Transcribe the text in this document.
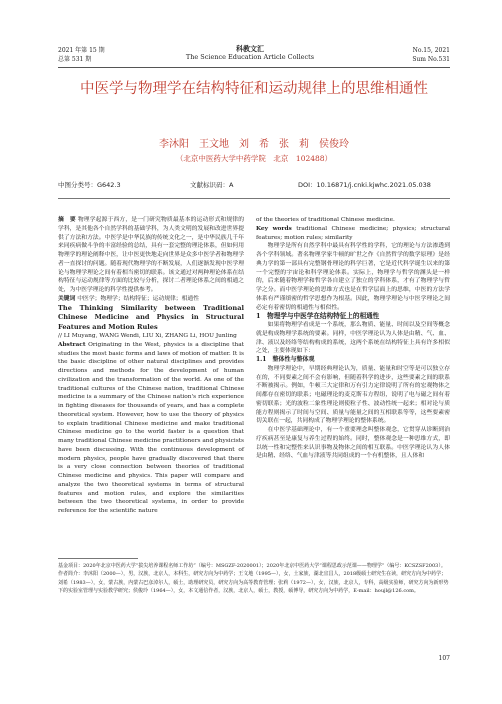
2021 年第 15 期
总第 531 期
科教文汇
The Science Education Article Collects
No.15, 2021
Sum No.531
中医学与物理学在结构特征和运动规律上的思维相通性
李沐阳　王文地　刘　希　张　莉　侯俊玲
（北京中医药大学中药学院　北京　102488）
中图分类号：G642.3	文献标识码：A	DOI：10.16871/j.cnki.kjwhc.2021.05.038

摘　要 物理学起源于西方，是一门研究物质最基本的运动形式和规律的学科，是其他各个自然学科的基础学科，为人类文明的发展和改进世界提供了方法和方法。中医学是中华民族的传统文化之一，是中华民族几千年来同疾病做斗争的丰富经验的总结，具有一套完整的理论体系，但如何用物理学的理论阐释中医，让中医更快地走向世界是众多中医学者和物理学者一直探讨的问题。随着现代物理学的不断发展，人们逐渐发现中医学理论与物理学理论之间有着相当密切的联系。该文通过对两种理论体系在结构特征与运动规律等方面的比较与分析，探讨二者理论体系之间的相通之处，为中医学理论的科学性提供参考。

关键词 中医学；物理学；结构特征；运动规律；相通性

The Thinking Similarity between Traditional Chinese Medicine and Physics in Structural Features and Motion Rules

// LI Muyang, WANG Wendi, LIU Xi, ZHANG Li, HOU Junling

Abstract Originating in the West, physics is a discipline that studies the most basic forms and laws of motion of matter. It is the basic discipline of other natural disciplines and provides directions and methods for the development of human civilization and the transformation of the world. As one of the traditional cultures of the Chinese nation, traditional Chinese medicine is a summary of the Chinese nation's rich experience in fighting diseases for thousands of years, and has a complete theoretical system. However, how to use the theory of physics to explain traditional Chinese medicine and make traditional Chinese medicine go to the world faster is a question that many traditional Chinese medicine practitioners and physicists have been discussing. With the continuous development of modern physics, people have gradually discovered that there is a very close connection between theories of traditional Chinese medicine and physics. This paper will compare and analyze the two theoretical systems in terms of structural features and motion rules, and explore the similarities between the two theoretical systems, in order to provide reference for the scientific nature

of the theories of traditional Chinese medicine.

Key words traditional Chinese medicine; physics; structural features; motion rules; similarity

物理学是所有自然学科中最具有科学性的学科，它的理论与方法渗透到各个学科领域。著名物理学家牛顿的旷世之作《自然哲学的数学原理》是经典力学的第一部具有完整钢骨理论的科学巨著，它是近代科学诞生以来的第一个完整的宇宙论和科学理论体系。实际上，物理学与哲学的渊头是一样的，后来随着物理学和哲学各自建立了独立的学科体系，才有了物理学与哲学之分。而中医学理论的思维方式也是在哲学层面上的思维，中医的方法学体系有严谨缜密的哲学思想作为根基。因此，物理学理论与中医学理论之间必定有着密切的相通性与相似性。

1　物理学与中医学在结构特征上的相通性

如果将物理学看成是一个系统，那么物质、能量、时间以及空间等概念就是构成物理学系统的要素。同样，中医学理论认为人体是由精、气、血、津、液以及经络等结构构成的系统，这两个系统在结构特征上具有许多相似之处，主要体现如下：

1.1　整体性与整体观

物理学理论中，早期经典理论认为，质量、能量和时空等是可以独立存在的，不同要素之间不会有影响，但随着科学的进步，这些要素之间的联系不断被揭示。例如，牛顿三大定律和万有引力定律说明了所有的宏观物体之间都存在密切的联系；电磁理论的麦克斯韦方程组，说明了电与磁之间有着密切联系；光的波粒二象性理论则使粒子性、波动性统一起来；相对论与质能方程则揭示了时间与空间、质量与能量之间的互相联系等等，这些要素密切关联在一起，共同构成了物理学理论的整体系统。

在中医学基础理论中，有一个重要理念叫整体观念，它贯穿从诊断到治疗疾病甚至是康复与养生过程的始终。同时，整体观念是一种思维方式，即以统一性和完整性来认识事物及物体之间的相互联系。中医学理论认为人体是由精、经络、气血与津液等共同组成的一个有机整体，且人体和

基金项目：2020年北京中医药大学“拔尖培养课程名师工作坊”（编号：MSGZF-2020001）；2020年北京中医药大学“课程思政示范课——物理学”（编号：KCSZSF2003）。

作者简介：李沐阳（2000—），男，汉族，北京人，本科生，研究方向为中药学；王文地（1995—），女，土家族，湖北宜昌人，2018级硕士研究生在读，研究方向为中药学；刘希（1983—），女，蒙古族，内蒙古巴彦淖尔人，硕士，助理研究员，研究方向为高等教育管理；张莉（1972—），女，汉族，北京人，专科，高级实验师，研究方向为新形势下的实验室管理与实验教学研究；侯俊玲（1964—），女，本文通信作者，汉族，北京人，硕士，教授，硕博导，研究方向为中药学，E-mail：houjl@126.com。

107
